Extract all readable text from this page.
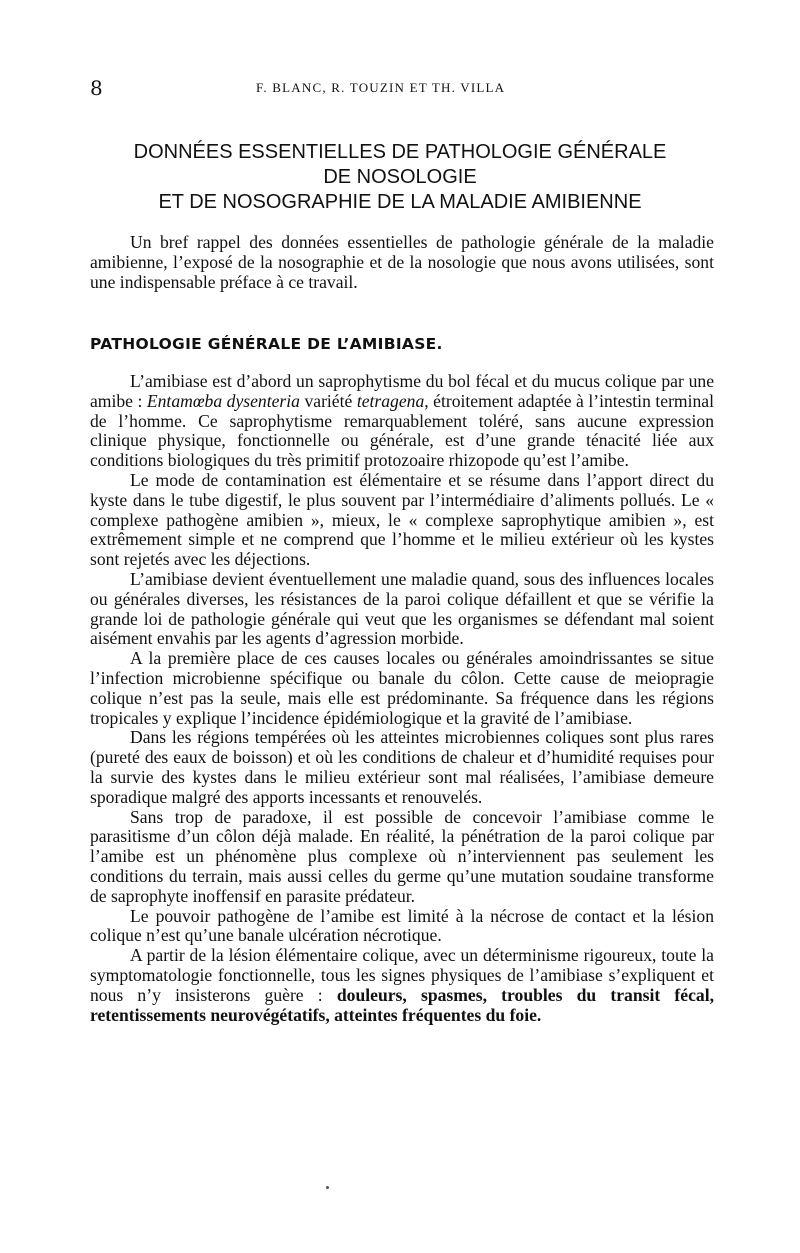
8	F. BLANC, R. TOUZIN ET TH. VILLA
DONNÉES ESSENTIELLES DE PATHOLOGIE GÉNÉRALE
DE NOSOLOGIE
ET DE NOSOGRAPHIE DE LA MALADIE AMIBIENNE

Un bref rappel des données essentielles de pathologie générale de la maladie amibienne, l’exposé de la nosographie et de la nosologie que nous avons utilisées, sont une indispensable préface à ce travail.

PATHOLOGIE GÉNÉRALE DE L’AMIBIASE.

L’amibiase est d’abord un saprophytisme du bol fécal et du mucus colique par une amibe : Entamœba dysenteria variété tetragena, étroitement adaptée à l’intestin terminal de l’homme. Ce saprophytisme remarquablement toléré, sans aucune expression clinique physique, fonctionnelle ou générale, est d’une grande ténacité liée aux conditions biologiques du très primitif protozoaire rhizopode qu’est l’amibe.

Le mode de contamination est élémentaire et se résume dans l’apport direct du kyste dans le tube digestif, le plus souvent par l’intermédiaire d’aliments pollués. Le « complexe pathogène amibien », mieux, le « complexe saprophytique amibien », est extrêmement simple et ne comprend que l’homme et le milieu extérieur où les kystes sont rejetés avec les déjections.

L’amibiase devient éventuellement une maladie quand, sous des influences locales ou générales diverses, les résistances de la paroi colique défaillent et que se vérifie la grande loi de pathologie générale qui veut que les organismes se défendant mal soient aisément envahis par les agents d’agression morbide.

A la première place de ces causes locales ou générales amoindrissantes se situe l’infection microbienne spécifique ou banale du côlon. Cette cause de meiopragie colique n’est pas la seule, mais elle est prédominante. Sa fréquence dans les régions tropicales y explique l’incidence épidémiologique et la gravité de l’amibiase.

Dans les régions tempérées où les atteintes microbiennes coliques sont plus rares (pureté des eaux de boisson) et où les conditions de chaleur et d’humidité requises pour la survie des kystes dans le milieu extérieur sont mal réalisées, l’amibiase demeure sporadique malgré des apports incessants et renouvelés.

Sans trop de paradoxe, il est possible de concevoir l’amibiase comme le parasitisme d’un côlon déjà malade. En réalité, la pénétration de la paroi colique par l’amibe est un phénomène plus complexe où n’interviennent pas seulement les conditions du terrain, mais aussi celles du germe qu’une mutation soudaine transforme de saprophyte inoffensif en parasite prédateur.

Le pouvoir pathogène de l’amibe est limité à la nécrose de contact et la lésion colique n’est qu’une banale ulcération nécrotique.

A partir de la lésion élémentaire colique, avec un déterminisme rigoureux, toute la symptomatologie fonctionnelle, tous les signes physiques de l’amibiase s’expliquent et nous n’y insisterons guère : douleurs, spasmes, troubles du transit fécal, retentissements neurovégétatifs, atteintes fréquentes du foie.
